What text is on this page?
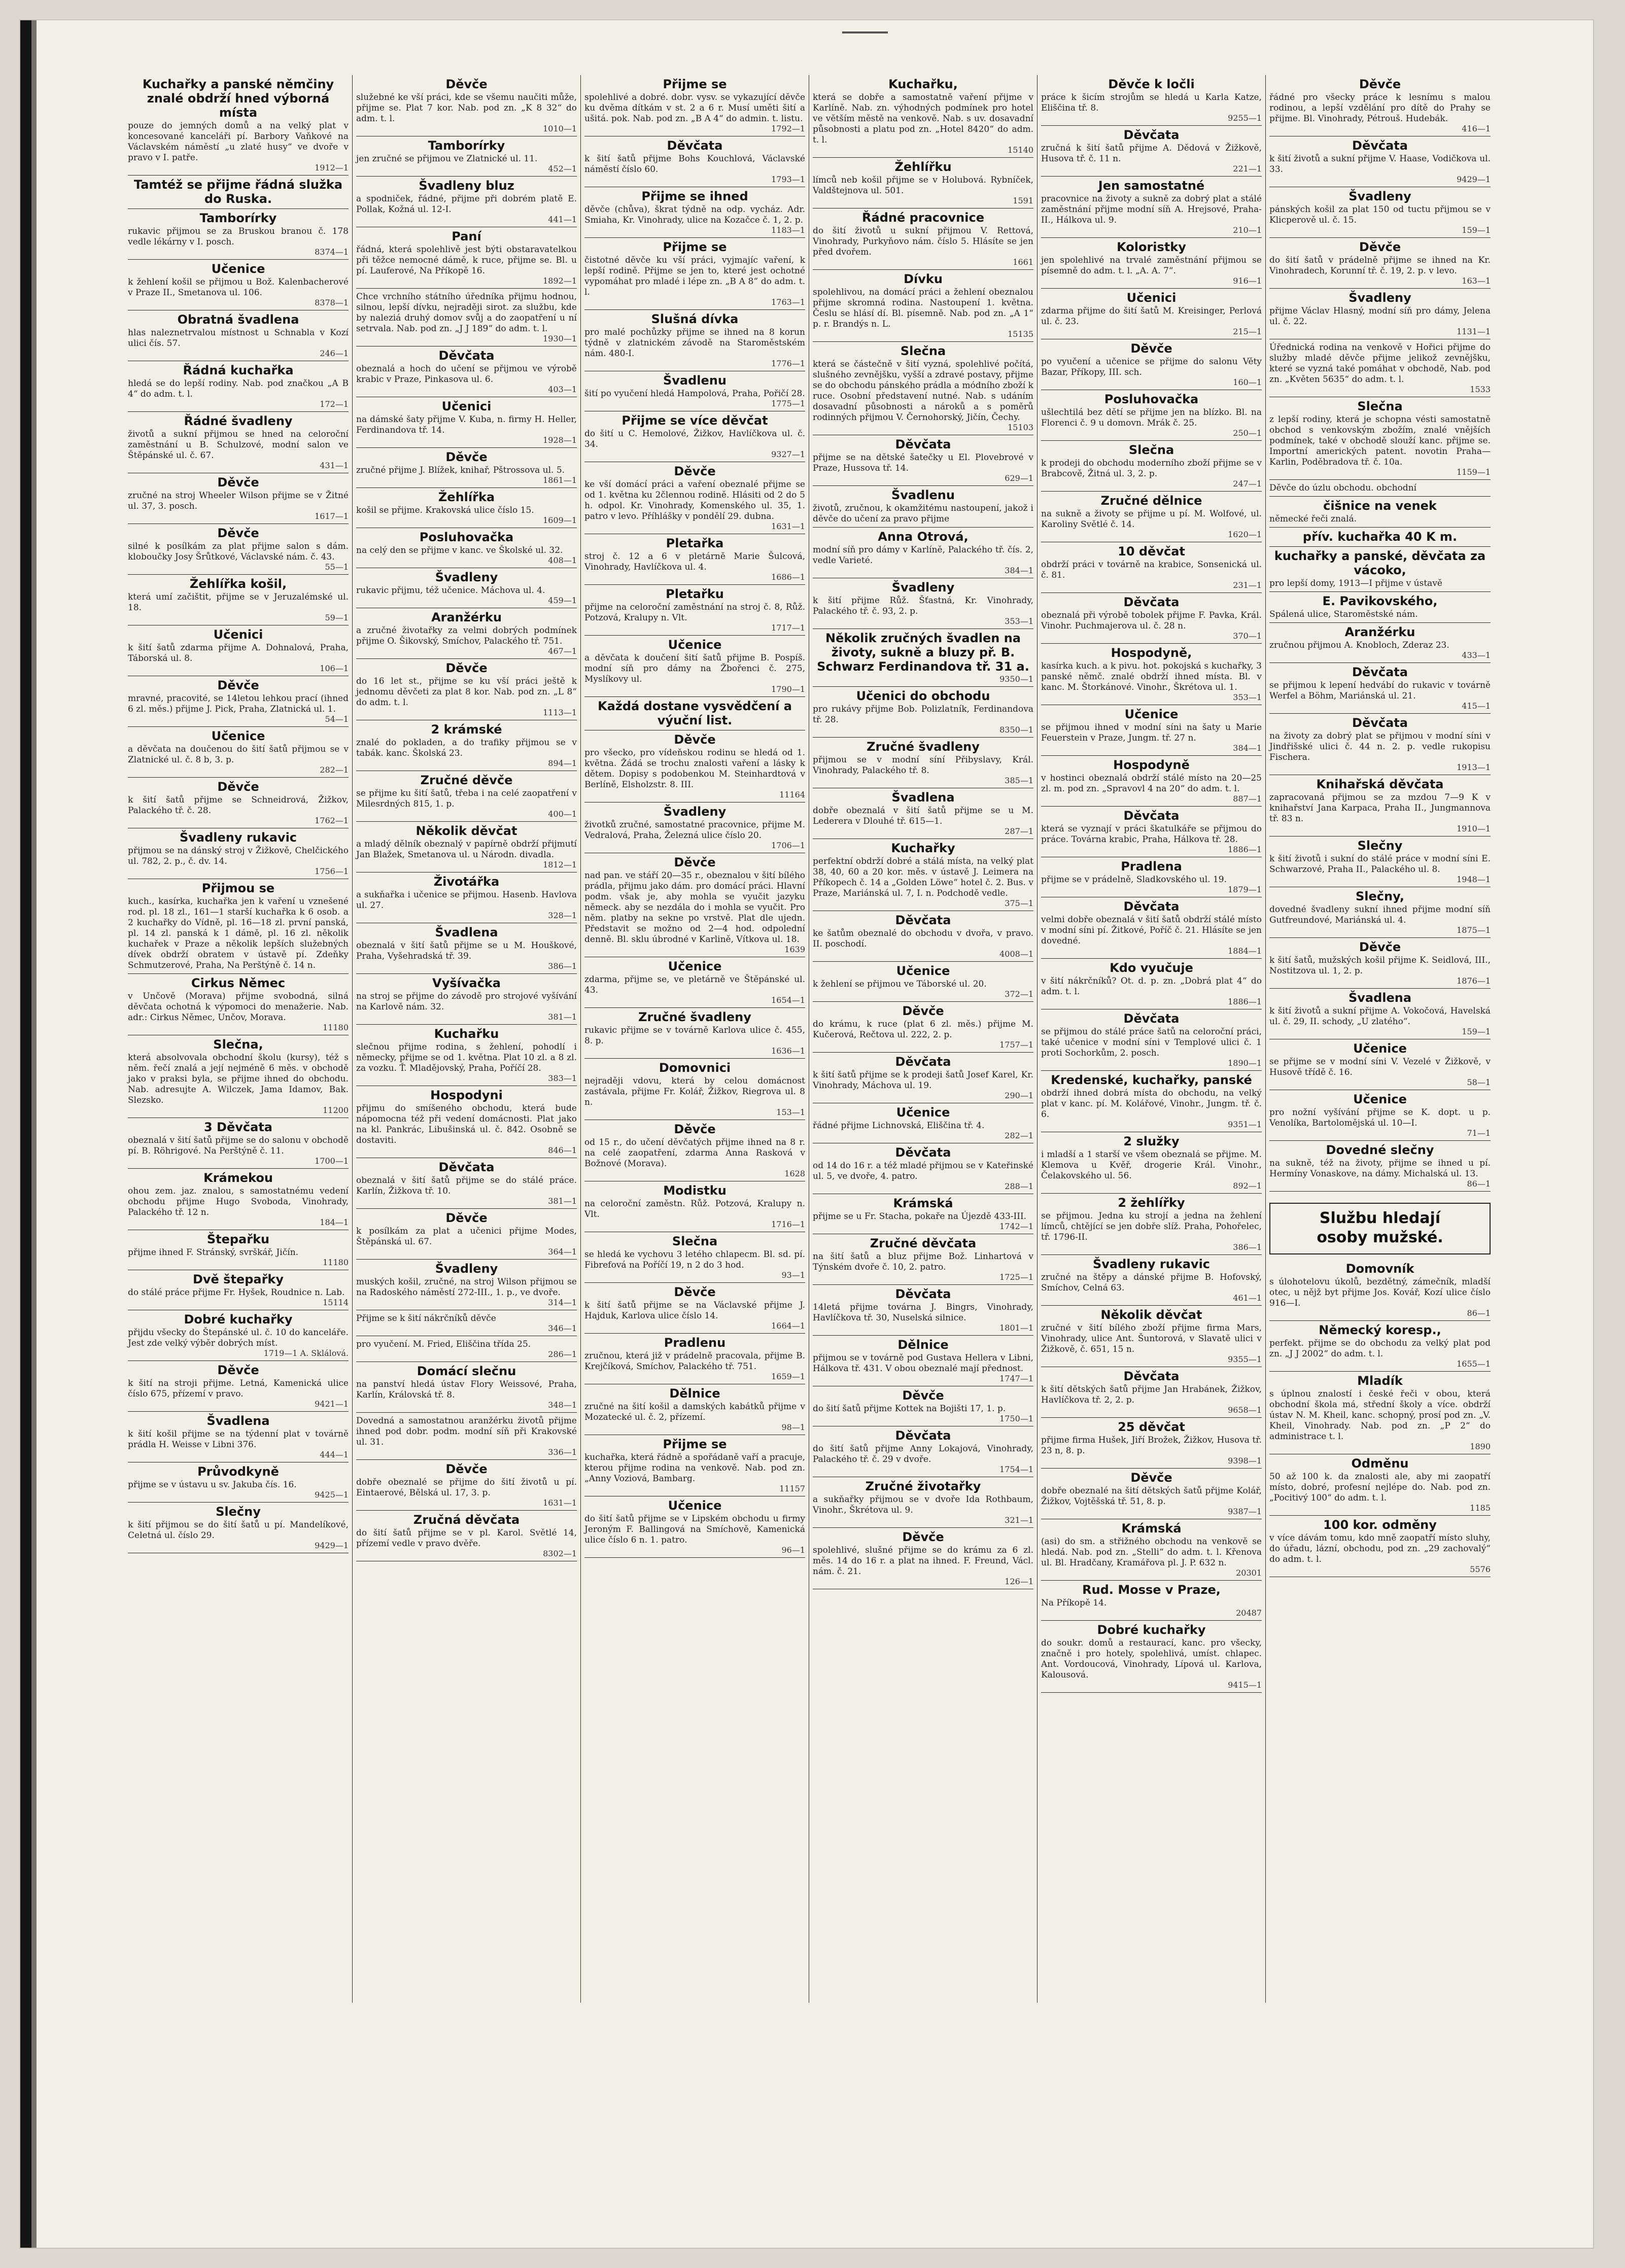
Kuchařky a panské němčiny znalé obdrží hned výborná místa

pouze do jemných domů a na velký plat v koncesované kanceláři pí. Barbory Vaňkové na Václavském náměstí „u zlaté husy“ ve dvoře v pravo v I. patře.
1912—1

Tamtéž se přijme řádná služka do Ruska.
Tamborírky

rukavic přijmou se za Bruskou branou č. 178 vedle lékárny v I. posch.
8374—1

Učenice

k žehlení košil se přijmou u Bož. Kalenbacherové v Praze II., Smetanova ul. 106.
8378—1

Obratná švadlena

hlas naleznetrvalou místnost u Schnabla v Kozí ulici čís. 57.
246—1

Řádná kuchařka

hledá se do lepší rodiny. Nab. pod značkou „A B 4“ do adm. t. l.
172—1

Řádné švadleny

životů a sukní přijmou se hned na celoroční zaměstnání u B. Schulzové, modní salon ve Štěpánské ul. č. 67.
431—1

Děvče

zručné na stroj Wheeler Wilson přijme se v Žitné ul. 37, 3. posch.
1617—1

Děvče

silné k posílkám za plat přijme salon s dám. kloboučky Josy Šrůtkové, Václavské nám. č. 43.
55—1

Žehlířka košil,

která umí začištit, přijme se v Jeruzalémské ul. 18.
59—1

Učenici

k šití šatů zdarma přijme A. Dohnalová, Praha, Táborská ul. 8.
106—1

Děvče

mravné, pracovité, se 14letou lehkou prací (ihned 6 zl. měs.) přijme J. Pick, Praha, Zlatnická ul. 1.
54—1

Učenice

a děvčata na doučenou do šití šatů přijmou se v Zlatnické ul. č. 8 b, 3. p.
282—1

Děvče

k šití šatů přijme se Schneidrová, Žižkov, Palackého tř. č. 28.
1762—1

Švadleny rukavic

přijmou se na dánský stroj v Žižkově, Chelčického ul. 782, 2. p., č. dv. 14.
1756—1

Přijmou se

kuch., kasírka, kuchařka jen k vaření u vznešené rod. pl. 18 zl., 161—1 starší kuchařka k 6 osob. a 2 kuchařky do Vídně, pl. 16—18 zl. první panská, pl. 14 zl. panská k 1 dámě, pl. 16 zl. několik kuchařek v Praze a několik lepších služebných dívek obdrží obratem v ústavě pí. Zdeňky Schmutzerové, Praha, Na Perštýně č. 14 n.

Cirkus Němec

v Unčově (Morava) přijme svobodná, silná děvčata ochotná k výpomoci do menažerie. Nab. adr.: Cirkus Němec, Unčov, Morava.
11180

Slečna,

která absolvovala obchodní školu (kursy), též s něm. řečí znalá a její nejméně 6 měs. v obchodě jako v praksi byla, se přijme ihned do obchodu. Nab. adresujte A. Wilczek, Jama Idamov, Bak. Slezsko.
11200

3 Děvčata

obeznalá v šití šatů přijme se do salonu v obchodě pí. B. Röhrigové. Na Perštýně č. 11.
1700—1

Krámekou

ohou zem. jaz. znalou, s samostatnému vedení obchodu přijme Hugo Svoboda, Vinohrady, Palackého tř. 12 n.
184—1

Štepařku

přijme ihned F. Stránský, svrškář, Jičín.
11180

Dvě štepařky

do stálé práce přijme Fr. Hyšek, Roudnice n. Lab.
15114

Dobré kuchařky

přijdu všecky do Štepánské ul. č. 10 do kanceláře. Jest zde velký výběr dobrých míst.
1719—1 A. Sklálová.

Děvče

k šití na stroji přijme. Letná, Kamenická ulice číslo 675, přízemí v pravo.
9421—1

Švadlena

k šití košil přijme se na týdenní plat v továrně prádla H. Weisse v Libni 376.
444—1

Průvodkyně

přijme se v ústavu u sv. Jakuba čís. 16.
9425—1

Slečny

k šití přijmou se do šití šatů u pí. Mandelíkové, Celetná ul. číslo 29.
9429—1

Děvče

služebné ke vší práci, kde se všemu naučiti může, přijme se. Plat 7 kor. Nab. pod zn. „K 8 32“ do adm. t. l.
1010—1

Tamborírky

jen zručné se přijmou ve Zlatnické ul. 11.
452—1

Švadleny bluz

a spodniček, řádné, přijme při dobrém platě E. Pollak, Kožná ul. 12-I.
441—1

Paní

řádná, která spolehlivě jest býti obstaravatelkou při těžce nemocné dámě, k ruce, přijme se. Bl. u pí. Lauferové, Na Příkopě 16.
1892—1

Chce vrchního státního úředníka přijmu hodnou, silnou, lepší dívku, nejraději sirot. za službu, kde by naleziá druhý domov svůj a do zaopatření u ní setrvala. Nab. pod zn. „J J 189“ do adm. t. l.
1930—1

Děvčata

obeznalá a hoch do učení se přijmou ve výrobě krabic v Praze, Pinkasova ul. 6.
403—1

Učenici

na dámské šaty přijme V. Kuba, n. firmy H. Heller, Ferdinandova tř. 14.
1928—1

Děvče

zručné přijme J. Blížek, knihař, Pštrossova ul. 5.
1861—1

Žehlířka

košil se přijme. Krakovská ulice číslo 15.
1609—1

Posluhovačka

na celý den se přijme v kanc. ve Školské ul. 32.
408—1

Švadleny

rukavic přijmu, též učenice. Máchova ul. 4.
459—1

Aranžérku

a zručné životařky za velmi dobrých podmínek přijme O. Šikovský, Smíchov, Palackého tř. 751.
467—1

Děvče

do 16 let st., přijme se ku vší práci ještě k jednomu děvčeti za plat 8 kor. Nab. pod zn. „L 8“ do adm. t. l.
1113—1

2 krámské

znalé do pokladen, a do trafiky přijmou se v tabák. kanc. Školská 23.
894—1

Zručné děvče

se přijme ku šití šatů, třeba i na celé zaopatření v Milesrdných 815, 1. p.
400—1

Několik děvčat

a mladý dělník obeznalý v papírně obdrží přijmutí Jan Blažek, Smetanova ul. u Národn. divadla.
1812—1

Životářka

a sukňařka i učenice se přijmou. Hasenb. Havlova ul. 27.
328—1

Švadlena

obeznalá v šití šatů přijme se u M. Houškové, Praha, Vyšehradská tř. 39.
386—1

Vyšívačka

na stroj se přijme do závodě pro strojové vyšívání na Karlově nám. 32.
381—1

Kuchařku

slečnou přijme rodina, s žehlení, pohodlí i německy, přijme se od 1. května. Plat 10 zl. a 8 zl. za vozku. Ť. Mladějovský, Praha, Poříčí 28.
383—1

Hospodyni

přijmu do smíšeného obchodu, která bude nápomocna též při vedení domácnosti. Plat jako na kl. Pankrác, Libušinská ul. č. 842. Osobně se dostaviti.
846—1

Děvčata

obeznalá v šití šatů přijme se do stálé práce. Karlín, Žižkova tř. 10.
381—1

Děvče

k posílkám za plat a učenici přijme Modes, Štěpánská ul. 67.
364—1

Švadleny

muských košil, zručné, na stroj Wilson přijmou se na Radoského náměstí 272-III., 1. p., ve dvoře.
314—1

Přijme se k šití nákrčníků děvče
346—1

pro vyučení. M. Fried, Eliščina třída 25.
286—1

Domácí slečnu

na panství hledá ústav Flory Weissové, Praha, Karlín, Královská tř. 8.
348—1

Dovedná a samostatnou aranžérku životů přijme ihned pod dobr. podm. modní síň při Krakovské ul. 31.
336—1

Děvče

dobře obeznalé se přijme do šití životů u pí. Eintaerové, Bělská ul. 17, 3. p.
1631—1

Zručná děvčata

do šití šatů přijme se v pl. Karol. Světlé 14, přízemí vedle v pravo dvěře.
8302—1

Přijme se

spolehlivé a dobré. dobr. vysv. se vykazující děvče ku dvěma dítkám v st. 2 a 6 r. Musí uměti šití a ušitá. pok. Nab. pod zn. „B A 4“ do admin. t. listu.
1792—1

Děvčata

k šití šatů přijme Bohs Kouchlová, Václavské náměstí číslo 60.
1793—1

Přijme se ihned

děvče (chůva), škrat týdně na odp. vycház. Adr. Smiaha, Kr. Vinohrady, ulice na Kozačce č. 1, 2. p.
1183—1

Přijme se

čistotné děvče ku vší práci, vyjmajíc vaření, k lepší rodině. Přijme se jen to, které jest ochotné vypomáhat pro mladé i lépe zn. „B A 8“ do adm. t. l.
1763—1

Slušná dívka

pro malé pochůzky přijme se ihned na 8 korun týdně v zlatnickém závodě na Staroměstském nám. 480-I.
1776—1

Švadlenu

šití po vyučení hledá Hampolová, Praha, Pořičí 28.
1775—1

Přijme se více děvčat

do šití u C. Hemolové, Žižkov, Havlíčkova ul. č. 34.
9327—1

Děvče

ke vší domácí práci a vaření obeznalé přijme se od 1. května ku 2člennou rodině. Hlásiti od 2 do 5 h. odpol. Kr. Vinohrady, Komenského ul. 35, 1. patro v levo. Příhlášky v pondělí 29. dubna.
1631—1

Pletařka

stroj č. 12 a 6 v pletárně Marie Šulcová, Vinohrady, Havlíčkova ul. 4.
1686—1

Pletařku

přijme na celoroční zaměstnání na stroj č. 8, Růž. Potzová, Kralupy n. Vlt.
1717—1

Učenice

a děvčata k doučení šití šatů přijme B. Pospíš. modní síň pro dámy na Žbořenci č. 275, Myslíkovy ul.
1790—1

Každá dostane vysvědčení a výuční list.
Děvče

pro všecko, pro vídeňskou rodinu se hledá od 1. května. Žádá se trochu znalosti vaření a lásky k dětem. Dopisy s podobenkou M. Steinhardtová v Berlíně, Elsholzstr. 8. III.
11164

Švadleny

životků zručné, samostatné pracovnice, přijme M. Vedralová, Praha, Železná ulice číslo 20.
1706—1

Děvče

nad pan. ve stáří 20—35 r., obeznalou v šití bílého prádla, přijmu jako dám. pro domácí práci. Hlavní podm. však je, aby mohla se vyučit jazyku německ. aby se nezdála do i mohla se vyučit. Pro něm. platby na sekne po vrstvě. Plat dle ujedn. Představit se možno od 2—4 hod. odpolední denně. Bl. sklu úbrodné v Karlině, Vítkova ul. 18.
1639

Učenice

zdarma, přijme se, ve pletárně ve Štěpánské ul. 43.
1654—1

Zručné švadleny

rukavic přijme se v továrně Karlova ulice č. 455, 8. p.
1636—1

Domovnici

nejraději vdovu, která by celou domácnost zastávala, přijme Fr. Kolář, Žižkov, Riegrova ul. 8 n.
153—1

Děvče

od 15 r., do učení děvčatých přijme ihned na 8 r. na celé zaopatření, zdarma Anna Rasková v Božnové (Morava).
1628

Modistku

na celoroční zaměstn. Růž. Potzová, Kralupy n. Vlt.
1716—1

Slečna

se hledá ke vychovu 3 letého chlapecm. Bl. sd. pí. Fibrefová na Poříčí 19, n 2 do 3 hod.
93—1

Děvče

k šití šatů přijme se na Václavské přijme J. Hajduk, Karlova ulice číslo 14.
1664—1

Pradlenu

zručnou, která již v prádelně pracovala, přijme B. Krejčíková, Smíchov, Palackého tř. 751.
1659—1

Dělnice

zručné na šití košil a damských kabátků přijme v Mozatecké ul. č. 2, přízemí.
98—1

Přijme se

kuchařka, která řádně a spořádaně vaří a pracuje, kterou přijme rodina na venkově. Nab. pod zn. „Anny Voziová, Bambarg.
11157

Učenice

do šití šatů přijme se v Lipském obchodu u firmy Jeroným F. Ballingová na Smíchově, Kamenická ulice číslo 6 n. 1. patro.
96—1

Kuchařku,

která se dobře a samostatně vaření přijme v Karlíně. Nab. zn. výhodných podmínek pro hotel ve větším městě na venkově. Nab. s uv. dosavadní působnosti a platu pod zn. „Hotel 8420“ do adm. t. l.
15140

Žehlířku

límců neb košil přijme se v Holubová. Rybníček, Valdštejnova ul. 501.
1591

Řádné pracovnice

do šití životů u sukní přijmou V. Rettová, Vinohrady, Purkyňovo nám. číslo 5. Hlásíte se jen před dvořem.
1661

Dívku

spolehlivou, na domácí práci a žehlení obeznalou přijme skromná rodina. Nastoupení 1. května. Česlu se hlásí dí. Bl. písemně. Nab. pod zn. „A 1“ p. r. Brandýs n. L.
15135

Slečna

která se částečně v šití vyzná, spolehlivé počítá, slušného zevnějšku, vyšší a zdravé postavy, přijme se do obchodu pánského prádla a módního zboží k ruce. Osobní představení nutné. Nab. s udáním dosavadní působnosti a nároků a s poměrů rodinných přijmou V. Černohorský, Jičín, Čechy.
15103

Děvčata

přijme se na dětské šatečky u El. Plovebrové v Praze, Hussova tř. 14.
629—1

Švadlenu

životů, zručnou, k okamžitému nastoupení, jakož i děvče do učení za pravo přijme

Anna Otrová,

modní síň pro dámy v Karlíně, Palackého tř. čís. 2, vedle Varieté.
384—1

Švadleny

k šití přijme Růž. Šťastná, Kr. Vinohrady, Palackého tř. č. 93, 2. p.
353—1

Několik zručných švadlen na životy, sukně a bluzy př. B. Schwarz Ferdinandova tř. 31 a.

9350—1

Učenici do obchodu

pro rukávy přijme Bob. Polizlatník, Ferdinandova tř. 28.
8350—1

Zručné švadleny

přijmou se v modní síní Přibyslavy, Král. Vinohrady, Palackého tř. 8.
385—1

Švadlena

dobře obeznalá v šití šatů přijme se u M. Lederera v Dlouhé tř. 615—1.
287—1

Kuchařky

perfektní obdrží dobré a stálá místa, na velký plat 38, 40, 60 a 20 kor. měs. v ústavě J. Leimera na Příkopech č. 14 a „Golden Löwe“ hotel č. 2. Bus. v Praze, Mariánská ul. 7, I. n. Podchodě vedle.
375—1

Děvčata

ke šatům obeznalé do obchodu v dvořa, v pravo. II. poschodí.
4008—1

Učenice

k žehlení se přijmou ve Táborské ul. 20.
372—1

Děvče

do krámu, k ruce (plat 6 zl. měs.) přijme M. Kučerová, Rečtova ul. 222, 2. p.
1757—1

Děvčata

k šití šatů přijme se k prodeji šatů Josef Karel, Kr. Vinohrady, Máchova ul. 19.
290—1

Učenice

řádné přijme Lichnovská, Eliščina tř. 4.
282—1

Děvčata

od 14 do 16 r. a též mladé přijmou se v Kateřinské ul. 5, ve dvoře, 4. patro.
288—1

Krámská

přijme se u Fr. Stacha, pokaře na Újezdě 433-III.
1742—1

Zručné děvčata

na šití šatů a bluz přijme Bož. Linhartová v Týnském dvoře č. 10, 2. patro.
1725—1

Děvčata

14letá přijme továrna J. Bingrs, Vinohrady, Havlíčkova tř. 30, Nuselská silnice.
1801—1

Dělnice

přijmou se v továrně pod Gustava Hellera v Libni, Hálkova tř. 431. V obou obeznalé mají přednost.
1747—1

Děvče

do šití šatů přijme Kottek na Bojišti 17, 1. p.
1750—1

Děvčata

do šití šatů přijme Anny Lokajová, Vinohrady, Palackého tř. č. 29 v dvoře.
1754—1

Zručné životařky

a sukňařky přijmou se v dvoře Ida Rothbaum, Vinohr., Škrétova ul. 9.
321—1

Děvče

spolehlivé, slušné přijme se do krámu za 6 zl. měs. 14 do 16 r. a plat na ihned. F. Freund, Václ. nám. č. 21.
126—1

Děvče k ločli

práce k šicím strojům se hledá u Karla Katze, Eliščina tř. 8.
9255—1

Děvčata

zručná k šití šatů přijme A. Dědová v Žižkově, Husova tř. č. 11 n.
221—1

Jen samostatné

pracovnice na životy a sukně za dobrý plat a stálé zaměstnání přijme modní síň A. Hrejsové, Praha-II., Hálkova ul. 9.
210—1

Koloristky

jen spolehlivé na trvalé zaměstnání přijmou se písemně do adm. t. l. „A. A. 7“.
916—1

Učenici

zdarma přijme do šití šatů M. Kreisinger, Perlová ul. č. 23.
215—1

Děvče

po vyučení a učenice se přijme do salonu Věty Bazar, Příkopy, III. sch.
160—1

Posluhovačka

ušlechtilá bez dětí se přijme jen na blízko. Bl. na Florenci č. 9 u domovn. Mrák č. 25.
250—1

Slečna

k prodeji do obchodu moderního zboží přijme se v Brabcově, Žitná ul. 3, 2. p.
247—1

Zručné dělnice

na sukně a životy se přijme u pí. M. Wolfové, ul. Karoliny Světlé č. 14.
1620—1

10 děvčat

obdrží práci v továrně na krabice, Sonsenická ul. č. 81.
231—1

Děvčata

obeznalá při výrobě tobolek přijme F. Pavka, Král. Vinohr. Puchmajerova ul. č. 28 n.
370—1

Hospodyně,

kasírka kuch. a k pivu. hot. pokojská s kuchařky, 3 panské němč. znalé obdrží ihned místa. Bl. v kanc. M. Štorkánové. Vinohr., Škrétova ul. 1.
353—1

Učenice

se přijmou ihned v modní síni na šaty u Marie Feuerstein v Praze, Jungm. tř. 27 n.
384—1

Hospodyně

v hostinci obeznalá obdrží stálé místo na 20—25 zl. m. pod zn. „Spravovl 4 na 20“ do adm. t. l.
887—1

Děvčata

která se vyznají v práci škatulkáře se přijmou do práce. Továrna krabic, Praha, Hálkova tř. 28.
1886—1

Pradlena

přijme se v prádelně, Sladkovského ul. 19.
1879—1

Děvčata

velmi dobře obeznalá v šití šatů obdrží stálé místo v modní síni pí. Žitkové, Poříč č. 21. Hlásíte se jen dovedné.
1884—1

Kdo vyučuje

v šití nákrčníků? Ot. d. p. zn. „Dobrá plat 4“ do adm. t. l.
1886—1

Děvčata

se přijmou do stálé práce šatů na celoroční práci, také učenice v modní síni v Templové ulici č. 1 proti Sochorkům, 2. posch.
1890—1

Kredenské, kuchařky, panské

obdrží ihned dobrá místa do obchodu, na velký plat v kanc. pí. M. Kolářové, Vinohr., Jungm. tř. č. 6.
9351—1

2 služky

i mladší a 1 starší ve všem obeznalá se přijme. M. Klemova u Kvěř, drogerie Král. Vinohr., Čelakovského ul. 56.
892—1

2 žehlířky

se přijmou. Jedna ku strojí a jedna na žehlení límců, chtějící se jen dobře slíž. Praha, Pohořelec, tř. 1796-II.
386—1

Švadleny rukavic

zručné na štěpy a dánské přijme B. Hofovský, Smíchov, Celná 63.
461—1

Několik děvčat

zručné v šití bílého zboží přijme firma Mars, Vinohrady, ulice Ant. Šuntorová, v Slavatě ulici v Žižkově, č. 651, 15 n.
9355—1

Děvčata

k šití dětských šatů přijme Jan Hrabánek, Žižkov, Havlíčkova tř. 2, 2. p.
9658—1

25 děvčat

přijme firma Hušek, Jiří Brožek, Žižkov, Husova tř. 23 n, 8. p.
9398—1

Děvče

dobře obeznalé na šití dětských šatů přijme Kolář, Žižkov, Vojtěšská tř. 51, 8. p.
9387—1

Krámská

(asi) do sm. a střižného obchodu na venkově se hledá. Nab. pod zn. „Stelli“ do adm. t. l. Křenova ul. Bl. Hradčany, Kramářova pl. J. P. 632 n.
20301

Rud. Mosse v Praze,

Na Příkopě 14.
20487

Dobré kuchařky

do soukr. domů a restaurací, kanc. pro všecky, značně i pro hotely, spolehlivá, umíst. chlapec. Ant. Vordoucová, Vinohrady, Lípová ul. Karlova, Kalousová.
9415—1

Děvče

řádné pro všecky práce k lesnímu s malou rodinou, a lepší vzdělání pro dítě do Prahy se přijme. Bl. Vinohrady, Pétrouš. Hudebák.
416—1

Děvčata

k šití životů a sukní přijme V. Haase, Vodičkova ul. 33.
9429—1

Švadleny

pánských košil za plat 150 od tuctu přijmou se v Klicperově ul. č. 15.
159—1

Děvče

do šití šatů v prádelně přijme se ihned na Kr. Vinohradech, Korunní tř. č. 19, 2. p. v levo.
163—1

Švadleny

přijme Václav Hlasný, modní síň pro dámy, Jelena ul. č. 22.
1131—1

Úřednická rodina na venkově v Hořici přijme do služby mladé děvče přijme jelikož zevnějšku, které se vyzná také pomáhat v obchodě, Nab. pod zn. „Květen 5635“ do adm. t. l.
1533

Slečna

z lepší rodiny, která je schopna vésti samostatně obchod s venkovským zbožím, znalé vnějších podmínek, také v obchodě slouží kanc. přijme se. Importní amerických patent. novotin Praha—Karlin, Poděbradova tř. č. 10a.
1159—1

Děvče do úzlu obchodu. obchodní

čišnice na venek

německé řeči znalá.

přív. kuchařka 40 K m.
kuchařky a panské, děvčata za vácoko,

pro lepší domy, 1913—I přijme v ústavě

E. Pavikovského,

Spálená ulice, Staroměstské nám.

Aranžérku

zručnou přijmou A. Knobloch, Zderaz 23.
433—1

Děvčata

se přijmou k lepení hedvábí do rukavic v továrně Werfel a Böhm, Mariánská ul. 21.
415—1

Děvčata

na životy za dobrý plat se přijmou v modní síni v Jindřišské ulici č. 44 n. 2. p. vedle rukopisu Fischera.
1913—1

Knihařská děvčata

zapracovaná přijmou se za mzdou 7—9 K v knihařství Jana Karpaca, Praha II., Jungmannova tř. 83 n.
1910—1

Slečny

k šití životů i sukní do stálé práce v modní síni E. Schwarzové, Praha II., Palackého ul. 8.
1948—1

Slečny,

dovedné švadleny sukní ihned přijme modní síň Gutfreundové, Mariánská ul. 4.
1875—1

Děvče

k šití šatů, mužských košil přijme K. Seidlová, III., Nostitzova ul. 1, 2. p.
1876—1

Švadlena

k šití životů a sukní přijme A. Vokočová, Havelská ul. č. 29, II. schody, „U zlatého“.
159—1

Učenice

se přijme se v modní síni V. Vezelé v Žižkově, v Husově třídě č. 16.
58—1

Učenice

pro nožní vyšívání přijme se K. dopt. u p. Venolíka, Bartolomějská ul. 10—I.
71—1

Dovedné slečny

na sukně, též na životy, přijme se ihned u pí. Hermíny Vonaskove, na dámy. Michalská ul. 13.
86—1

Službu hledají
osoby mužské.
Domovník

s úlohotelovu úkolů, bezdětný, zámečník, mladší otec, u nějž byt přijme Jos. Kovář, Kozí ulice číslo 916—I.
86—1

Německý koresp.,

perfekt. přijme se do obchodu za velký plat pod zn. „J J 2002“ do adm. t. l.
1655—1

Mladík

s úplnou znalostí i české řeči v obou, která obchodní škola má, střední školy a více. obdrží ústav N. M. Kheil, kanc. schopný, prosí pod zn. „V. Kheil, Vinohrady. Nab. pod zn. „P 2“ do administrace t. l.
1890

Odměnu

50 až 100 k. da znalosti ale, aby mi zaopatří místo, dobré, profesní nejlépe do. Nab. pod zn. „Pocitivý 100“ do adm. t. l.
1185

100 kor. odměny

v více dávám tomu, kdo mně zaopatří místo sluhy, do úřadu, lázní, obchodu, pod zn. „29 zachovalý“ do adm. t. l.
5576
